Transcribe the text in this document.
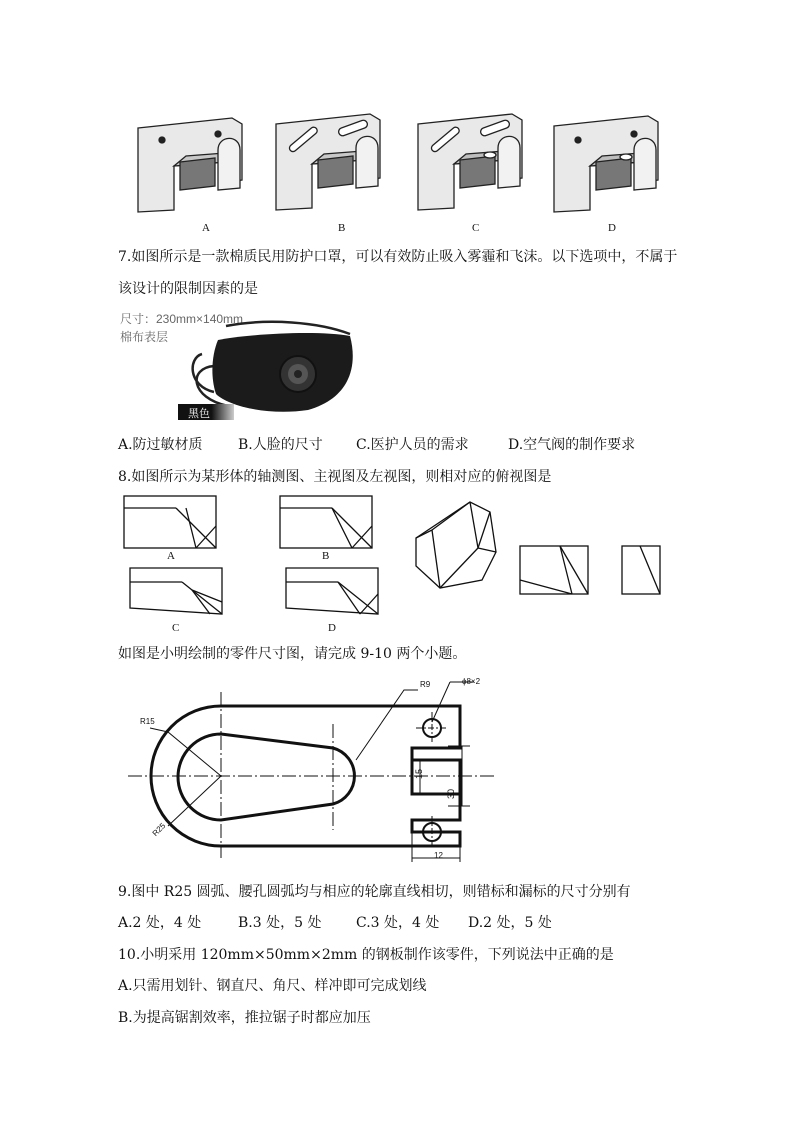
A	B	C	D
7.如图所示是一款棉质民用防护口罩，可以有效防止吸入雾霾和飞沫。以下选项中，不属于
该设计的限制因素的是
尺寸：230mm×140mm
棉布表层
黑色
A.防过敏材质	B.人脸的尺寸 C.医护人员的需求	D.空气阀的制作要求
8.如图所示为某形体的轴测图、主视图及左视图，则相对应的俯视图是
A	B
C	D
如图是小明绘制的零件尺寸图，请完成 9-10 两个小题。
R9	ϕ8×2
R15
R25
15
30
12
9.图中 R25 圆弧、腰孔圆弧均与相应的轮廓直线相切，则错标和漏标的尺寸分别有
A.2 处，4 处	B.3 处，5 处 C.3 处，4 处 D.2 处，5 处
10.小明采用 120mm×50mm×2mm 的钢板制作该零件，下列说法中正确的是
A.只需用划针、钢直尺、角尺、样冲即可完成划线
B.为提高锯割效率，推拉锯子时都应加压
